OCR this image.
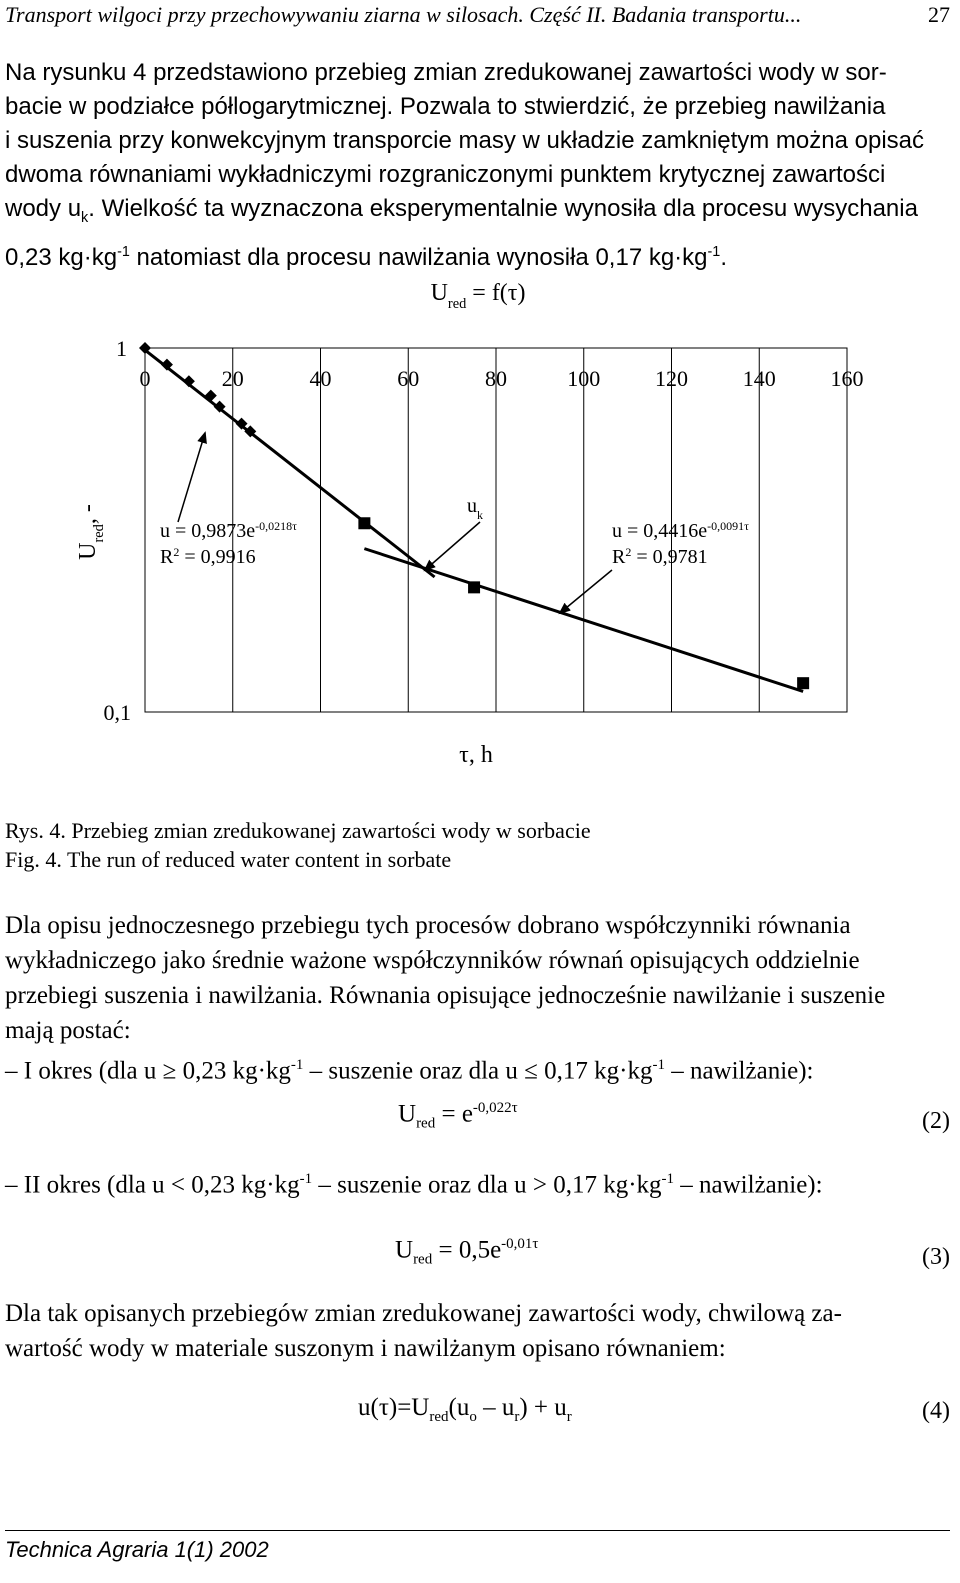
Transport wilgoci przy przechowywaniu ziarna w silosach. Część II. Badania transportu...	27
Na rysunku 4 przedstawiono przebieg zmian zredukowanej zawartości wody w sor-
bacie w podziałce półlogarytmicznej. Pozwala to stwierdzić, że przebieg nawilżania
i suszenia przy konwekcyjnym transporcie masy w układzie zamkniętym można opisać
dwoma równaniami wykładniczymi rozgraniczonymi punktem krytycznej zawartości
wody $u_k$. Wielkość ta wyznaczona eksperymentalnie wynosiła dla procesu wysychania
0,23 $kg\cdot kg^{-1}$ natomiast dla procesu nawilżania wynosiła 0,17 $kg\cdot kg^{-1}$.
0	20	40	60	80	100 120 140 160
1
0,1
$U_{red} = f(\tau)$
τ, h
$U_{red}$, -
$u = 0,9873e^{-0,0218\tau}$
$R^2 = 0,9916$
$u = 0,4416e^{-0,0091\tau}$
$R^2 = 0,9781$
$u_k$
Rys. 4. Przebieg zmian zredukowanej zawartości wody w sorbacie
Fig. 4. The run of reduced water content in sorbate
Dla opisu jednoczesnego przebiegu tych procesów dobrano współczynniki równania
wykładniczego jako średnie ważone współczynników równań opisujących oddzielnie
przebiegi suszenia i nawilżania. Równania opisujące jednocześnie nawilżanie i suszenie
mają postać:
– I okres (dla u ≥ 0,23 $kg\cdot kg^{-1}$ – suszenie oraz dla u ≤ 0,17 $kg\cdot kg^{-1}$ – nawilżanie):
$U_{red} = e^{-0,022\tau}$	(2)
– II okres (dla u < 0,23 $kg\cdot kg^{-1}$ – suszenie oraz dla u > 0,17 $kg\cdot kg^{-1}$ – nawilżanie):
$U_{red} = 0,5e^{-0,01\tau}$	(3)
Dla tak opisanych przebiegów zmian zredukowanej zawartości wody, chwilową za-
wartość wody w materiale suszonym i nawilżanym opisano równaniem:
$u(\tau)=U_{red}(u_o - u_r) + u_r$	(4)
Technica Agraria 1(1) 2002
